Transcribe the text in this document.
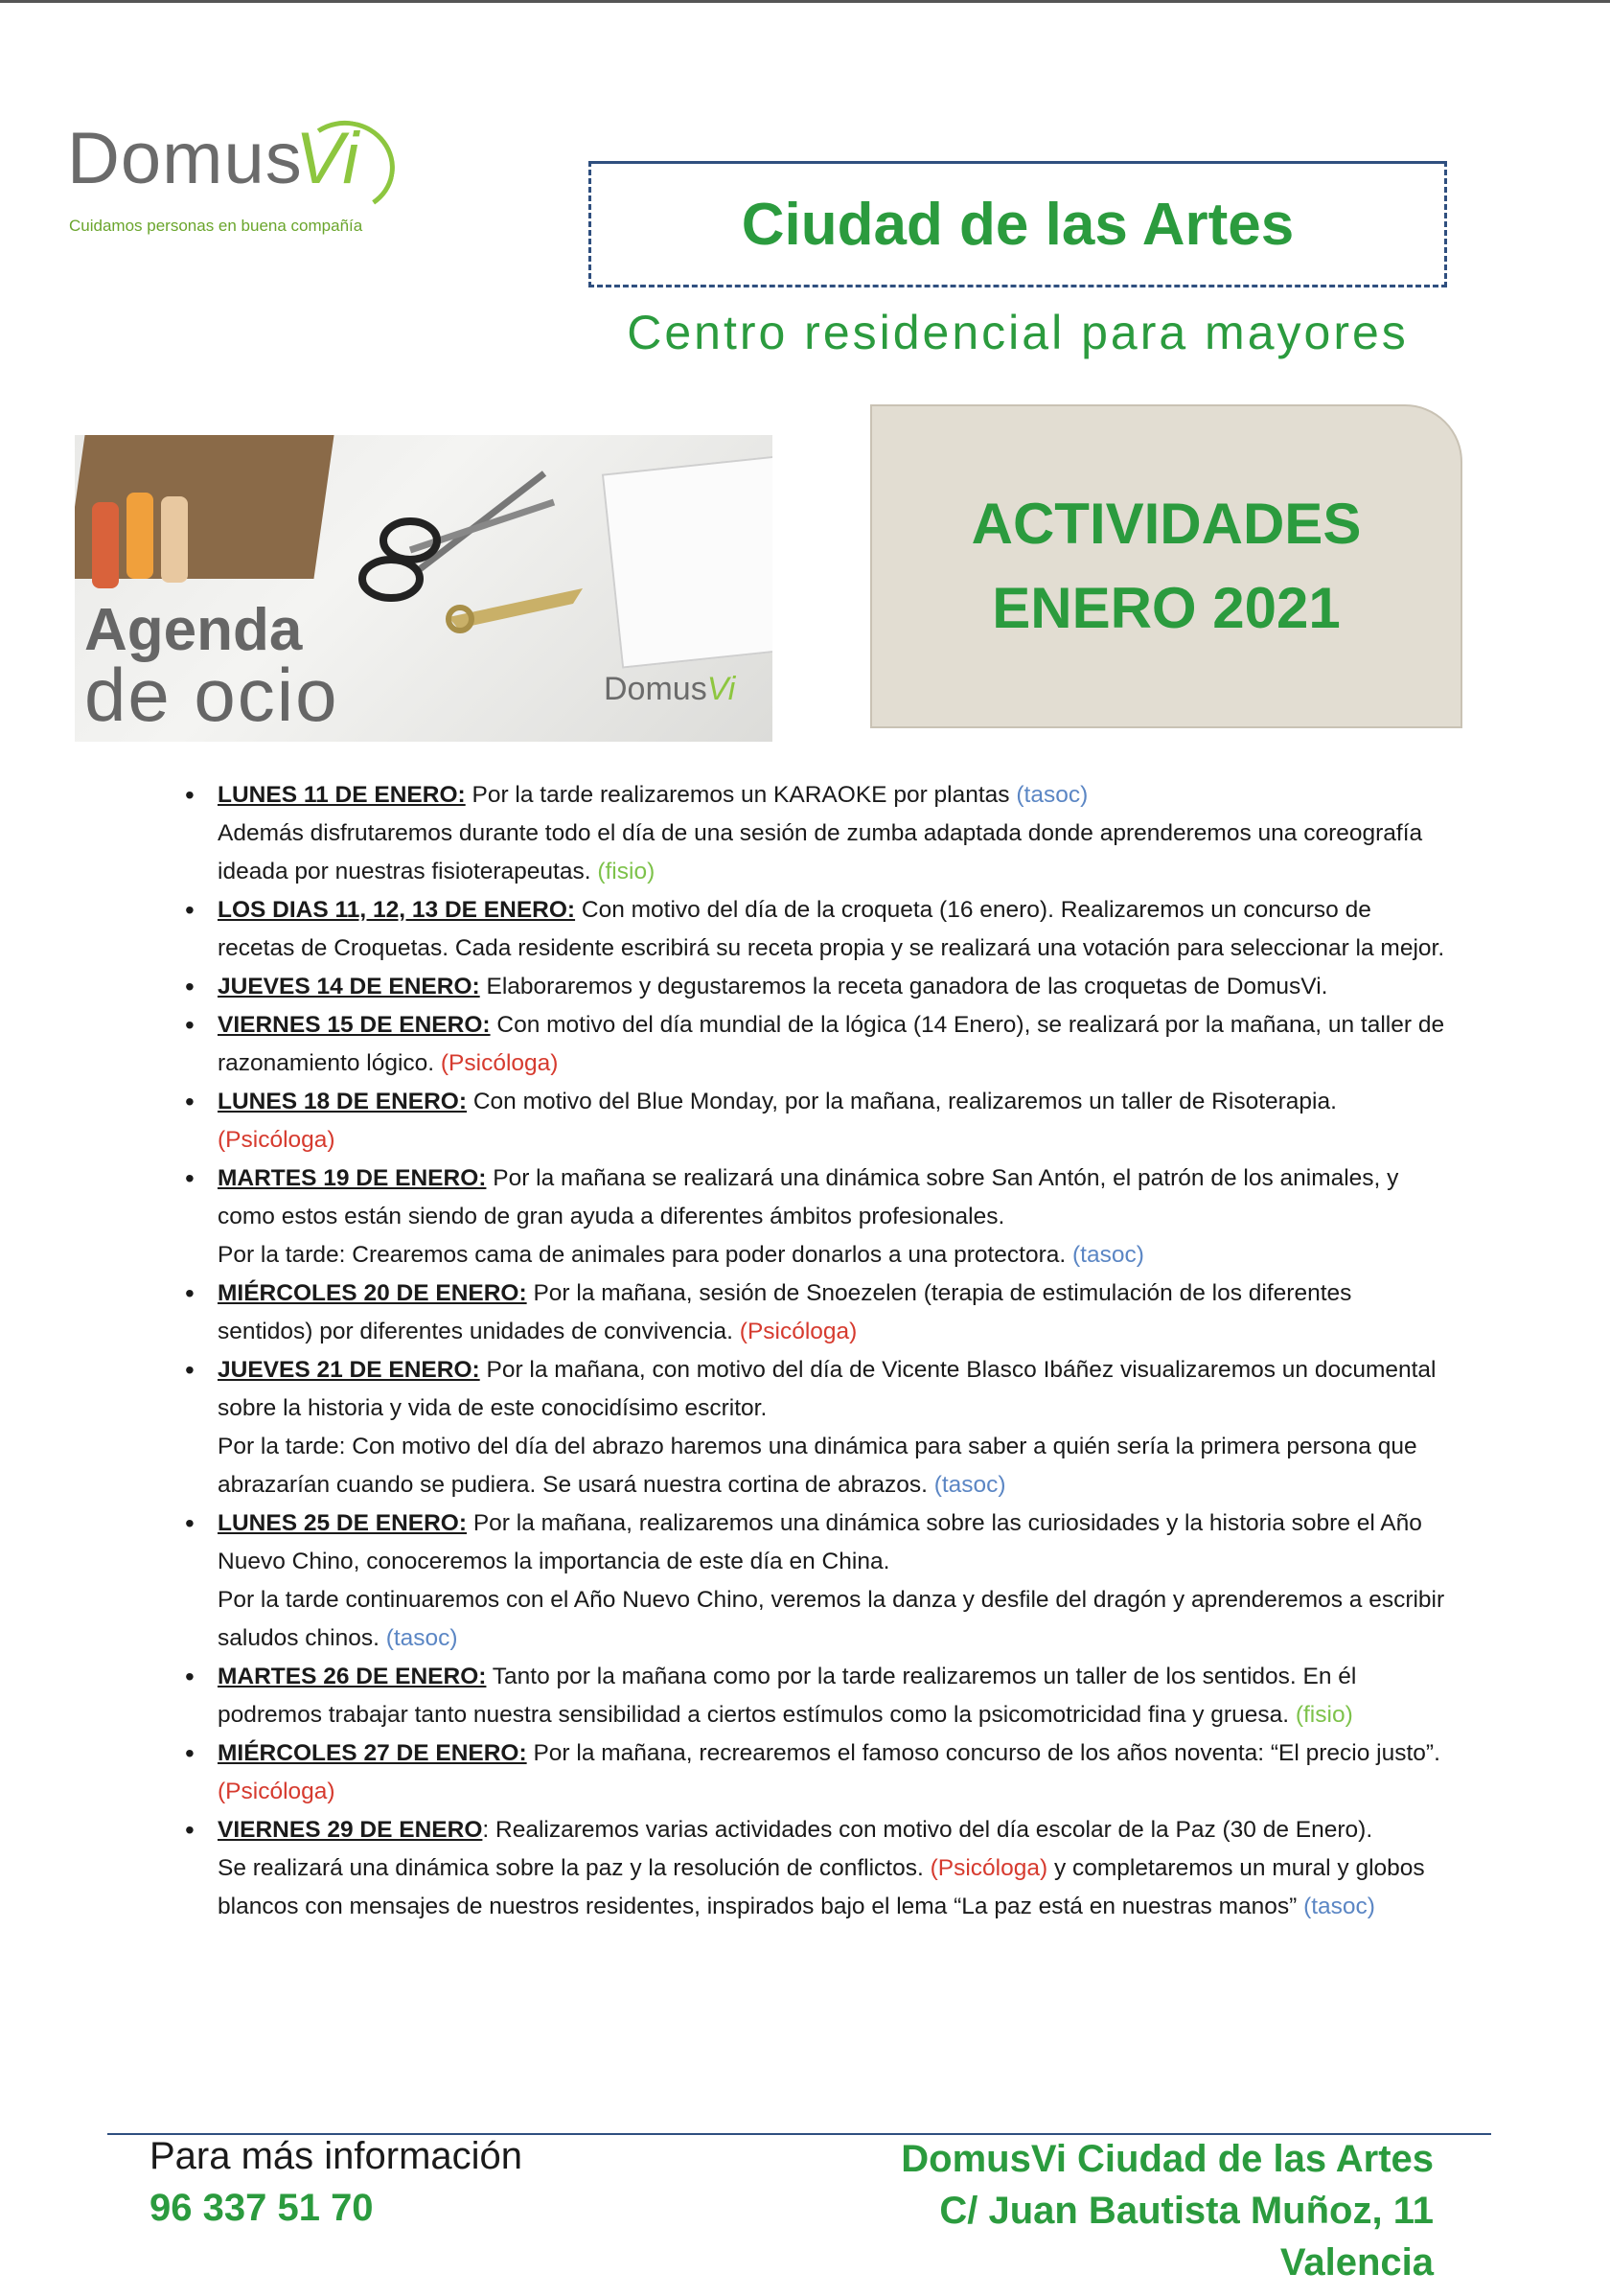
Domus
Vi
Cuidamos personas en buena compañía	Ciudad de las Artes
Centro residencial para mayores
Agenda
de ocio	DomusVi
ACTIVIDADES
ENERO 2021
• LUNES 11 DE ENERO: Por la tarde realizaremos un KARAOKE por plantas (tasoc)
Además disfrutaremos durante todo el día de una sesión de zumba adaptada donde aprenderemos una coreografía ideada por nuestras fisioterapeutas. (fisio)
• LOS DIAS 11, 12, 13 DE ENERO: Con motivo del día de la croqueta (16 enero). Realizaremos un concurso de recetas de Croquetas. Cada residente escribirá su receta propia y se realizará una votación para seleccionar la mejor.
• JUEVES 14 DE ENERO: Elaboraremos y degustaremos la receta ganadora de las croquetas de DomusVi.
• VIERNES 15 DE ENERO: Con motivo del día mundial de la lógica (14 Enero), se realizará por la mañana, un taller de razonamiento lógico. (Psicóloga)
• LUNES 18 DE ENERO: Con motivo del Blue Monday, por la mañana, realizaremos un taller de Risoterapia. (Psicóloga)
• MARTES 19 DE ENERO: Por la mañana se realizará una dinámica sobre San Antón, el patrón de los animales, y como estos están siendo de gran ayuda a diferentes ámbitos profesionales.
Por la tarde: Crearemos cama de animales para poder donarlos a una protectora. (tasoc)
• MIÉRCOLES 20 DE ENERO: Por la mañana, sesión de Snoezelen (terapia de estimulación de los diferentes sentidos) por diferentes unidades de convivencia. (Psicóloga)
• JUEVES 21 DE ENERO: Por la mañana, con motivo del día de Vicente Blasco Ibáñez visualizaremos un documental sobre la historia y vida de este conocidísimo escritor.
Por la tarde: Con motivo del día del abrazo haremos una dinámica para saber a quién sería la primera persona que abrazarían cuando se pudiera. Se usará nuestra cortina de abrazos. (tasoc)
• LUNES 25 DE ENERO: Por la mañana, realizaremos una dinámica sobre las curiosidades y la historia sobre el Año Nuevo Chino, conoceremos la importancia de este día en China.
Por la tarde continuaremos con el Año Nuevo Chino, veremos la danza y desfile del dragón y aprenderemos a escribir saludos chinos. (tasoc)
• MARTES 26 DE ENERO: Tanto por la mañana como por la tarde realizaremos un taller de los sentidos. En él podremos trabajar tanto nuestra sensibilidad a ciertos estímulos como la psicomotricidad fina y gruesa. (fisio)
• MIÉRCOLES 27 DE ENERO: Por la mañana, recrearemos el famoso concurso de los años noventa: “El precio justo”. (Psicóloga)
• VIERNES 29 DE ENERO: Realizaremos varias actividades con motivo del día escolar de la Paz (30 de Enero).
Se realizará una dinámica sobre la paz y la resolución de conflictos. (Psicóloga) y completaremos un mural y globos blancos con mensajes de nuestros residentes, inspirados bajo el lema “La paz está en nuestras manos” (tasoc)
Para más información
96 337 51 70
DomusVi Ciudad de las Artes
C/ Juan Bautista Muñoz, 11
Valencia
